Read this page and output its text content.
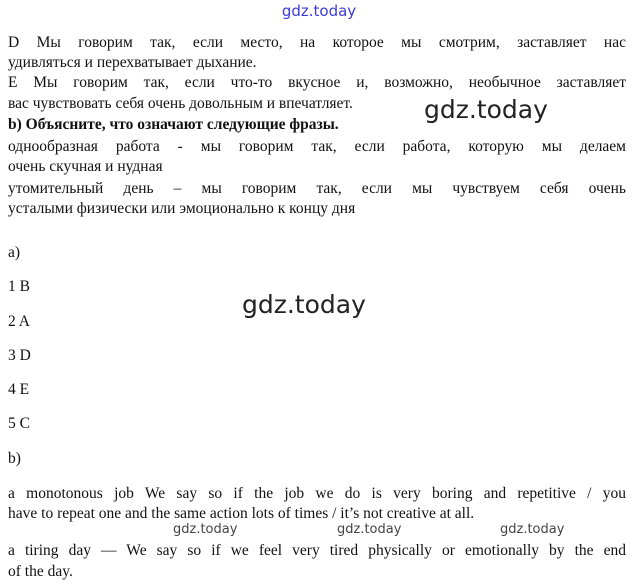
gdz.today
D Мы говорим так, если место, на которое мы смотрим, заставляет нас
удивляться и перехватывает дыхание.
E Мы говорим так, если что-то вкусное и, возможно, необычное заставляет
вас чувствовать себя очень довольным и впечатляет.	gdz.today
b) Объясните, что означают следующие фразы.
однообразная работа - мы говорим так, если работа, которую мы делаем
очень скучная и нудная
утомительный день – мы говорим так, если мы чувствуем себя очень
усталыми физически или эмоционально к концу дня
a)
1 B
gdz.today
2 A
3 D
4 E
5 C
b)
a monotonous job We say so if the job we do is very boring and repetitive / you
have to repeat one and the same action lots of times / it’s not creative at all.
gdz.today	gdz.today	gdz.today
a tiring day — We say so if we feel very tired physically or emotionally by the end
of the day.
